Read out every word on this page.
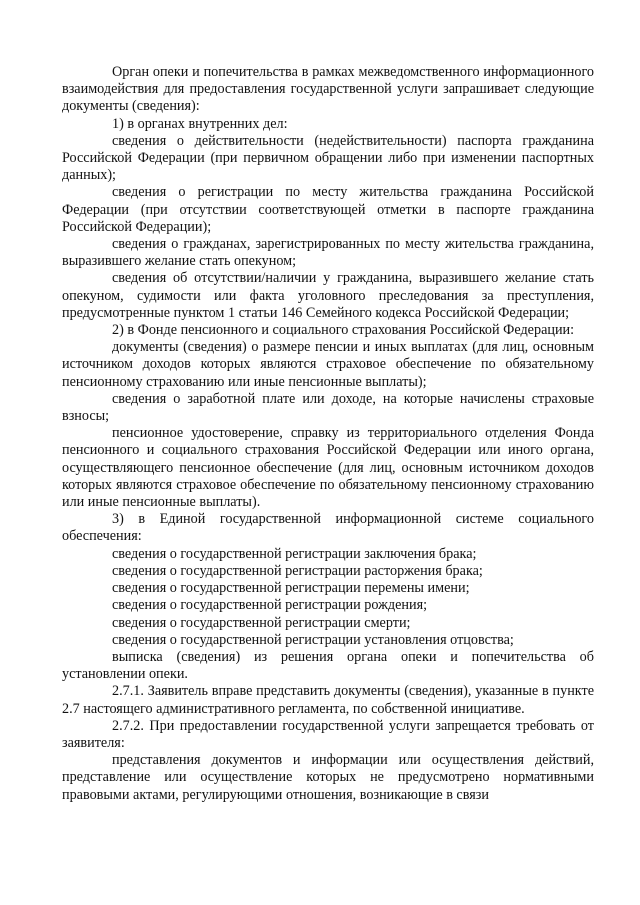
Орган опеки и попечительства в рамках межведомственного информационного взаимодействия для предоставления государственной услуги запрашивает следующие документы (сведения):

1) в органах внутренних дел:

сведения о действительности (недействительности) паспорта гражданина Российской Федерации (при первичном обращении либо при изменении паспортных данных);

сведения о регистрации по месту жительства гражданина Российской Федерации (при отсутствии соответствующей отметки в паспорте гражданина Российской Федерации);

сведения о гражданах, зарегистрированных по месту жительства гражданина, выразившего желание стать опекуном;

сведения об отсутствии/наличии у гражданина, выразившего желание стать опекуном, судимости или факта уголовного преследования за преступления, предусмотренные пунктом 1 статьи 146 Семейного кодекса Российской Федерации;

2) в Фонде пенсионного и социального страхования Российской Федерации:

документы (сведения) о размере пенсии и иных выплатах (для лиц, основным источником доходов которых являются страховое обеспечение по обязательному пенсионному страхованию или иные пенсионные выплаты);

сведения о заработной плате или доходе, на которые начислены страховые взносы;

пенсионное удостоверение, справку из территориального отделения Фонда пенсионного и социального страхования Российской Федерации или иного органа, осуществляющего пенсионное обеспечение (для лиц, основным источником доходов которых являются страховое обеспечение по обязательному пенсионному страхованию или иные пенсионные выплаты).

3) в Единой государственной информационной системе социального обеспечения:

сведения о государственной регистрации заключения брака;

сведения о государственной регистрации расторжения брака;

сведения о государственной регистрации перемены имени;

сведения о государственной регистрации рождения;

сведения о государственной регистрации смерти;

сведения о государственной регистрации установления отцовства;

выписка (сведения) из решения органа опеки и попечительства об установлении опеки.

2.7.1. Заявитель вправе представить документы (сведения), указанные в пункте 2.7 настоящего административного регламента, по собственной инициативе.

2.7.2. При предоставлении государственной услуги запрещается требовать от заявителя:

представления документов и информации или осуществления действий, представление или осуществление которых не предусмотрено нормативными правовыми актами, регулирующими отношения, возникающие в связи
